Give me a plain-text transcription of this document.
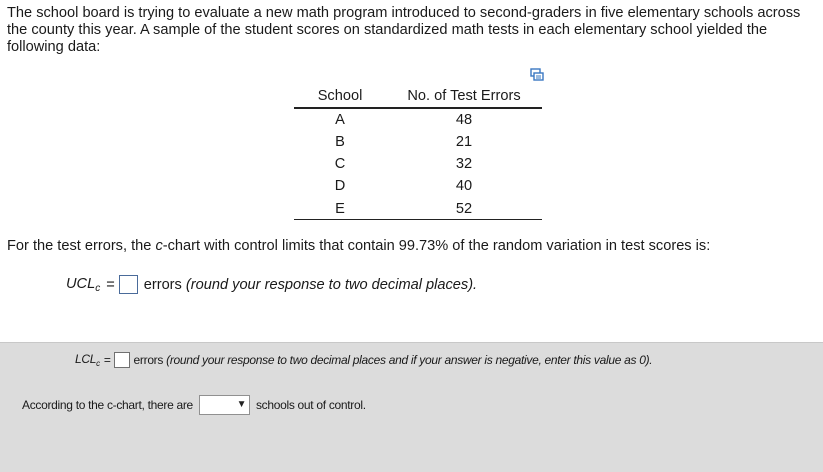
The school board is trying to evaluate a new math program introduced to second-graders in five elementary schools across the county this year. A sample of the student scores on standardized math tests in each elementary school yielded the following data:

School	No. of Test Errors
A	48
B	21
C	32
D	40
E	52

For the test errors, the c-chart with control limits that contain 99.73% of the random variation in test scores is:

$UCL_c$ = errors
(round your response to two decimal places).
$LCL_c$ = errors
(round your response to two decimal places and if your answer is negative, enter this value as 0).
According to the c-chart, there are	▼ schools out of control.
